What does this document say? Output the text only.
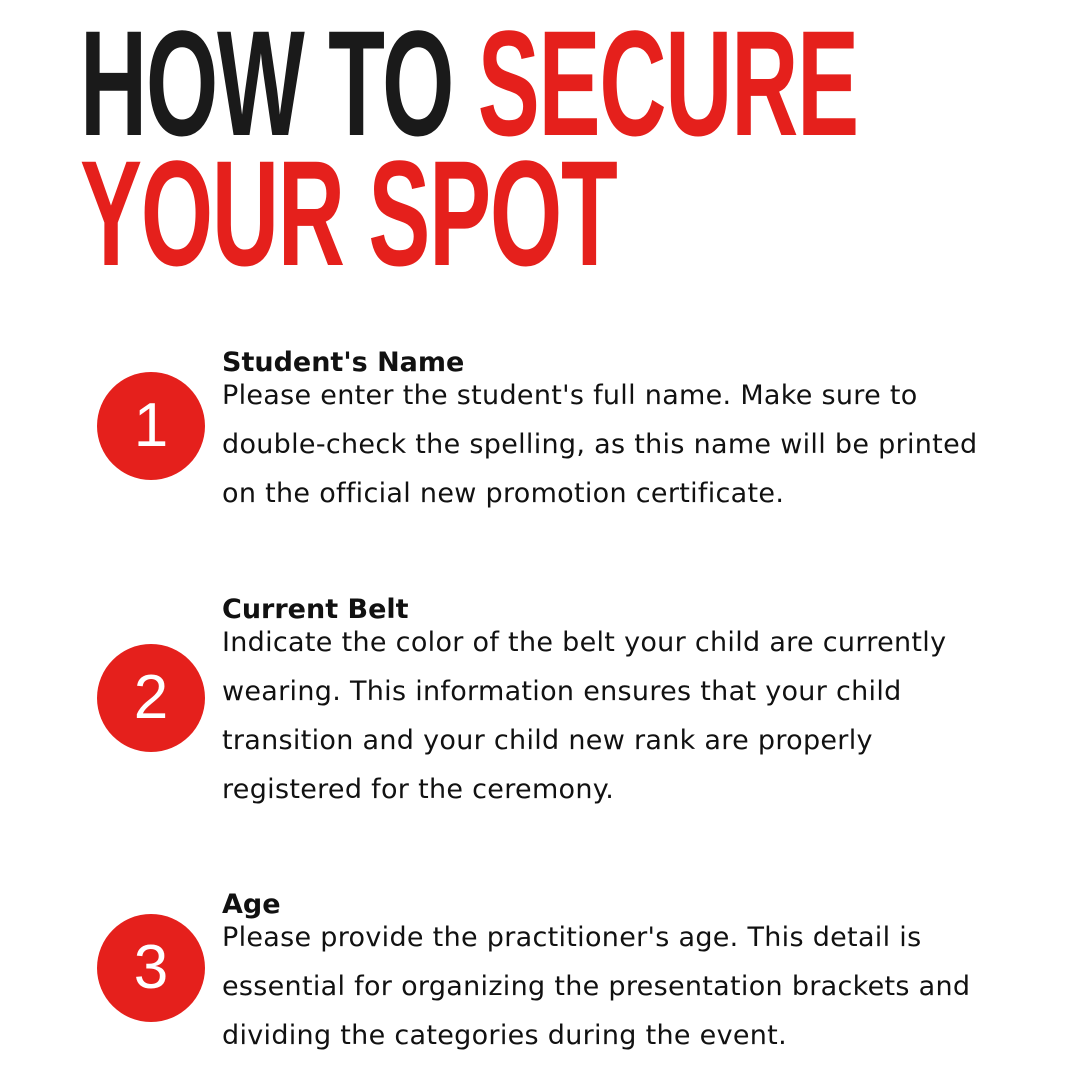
HOW TO SECURE
YOUR SPOT
1
Student's Name

Please enter the student's full name. Make sure to double-check the spelling, as this name will be printed on the official new promotion certificate.

2
Current Belt

Indicate the color of the belt your child are currently wearing. This information ensures that your child transition and your child new rank are properly registered for the ceremony.

3
Age

Please provide the practitioner's age. This detail is essential for organizing the presentation brackets and dividing the categories during the event.
